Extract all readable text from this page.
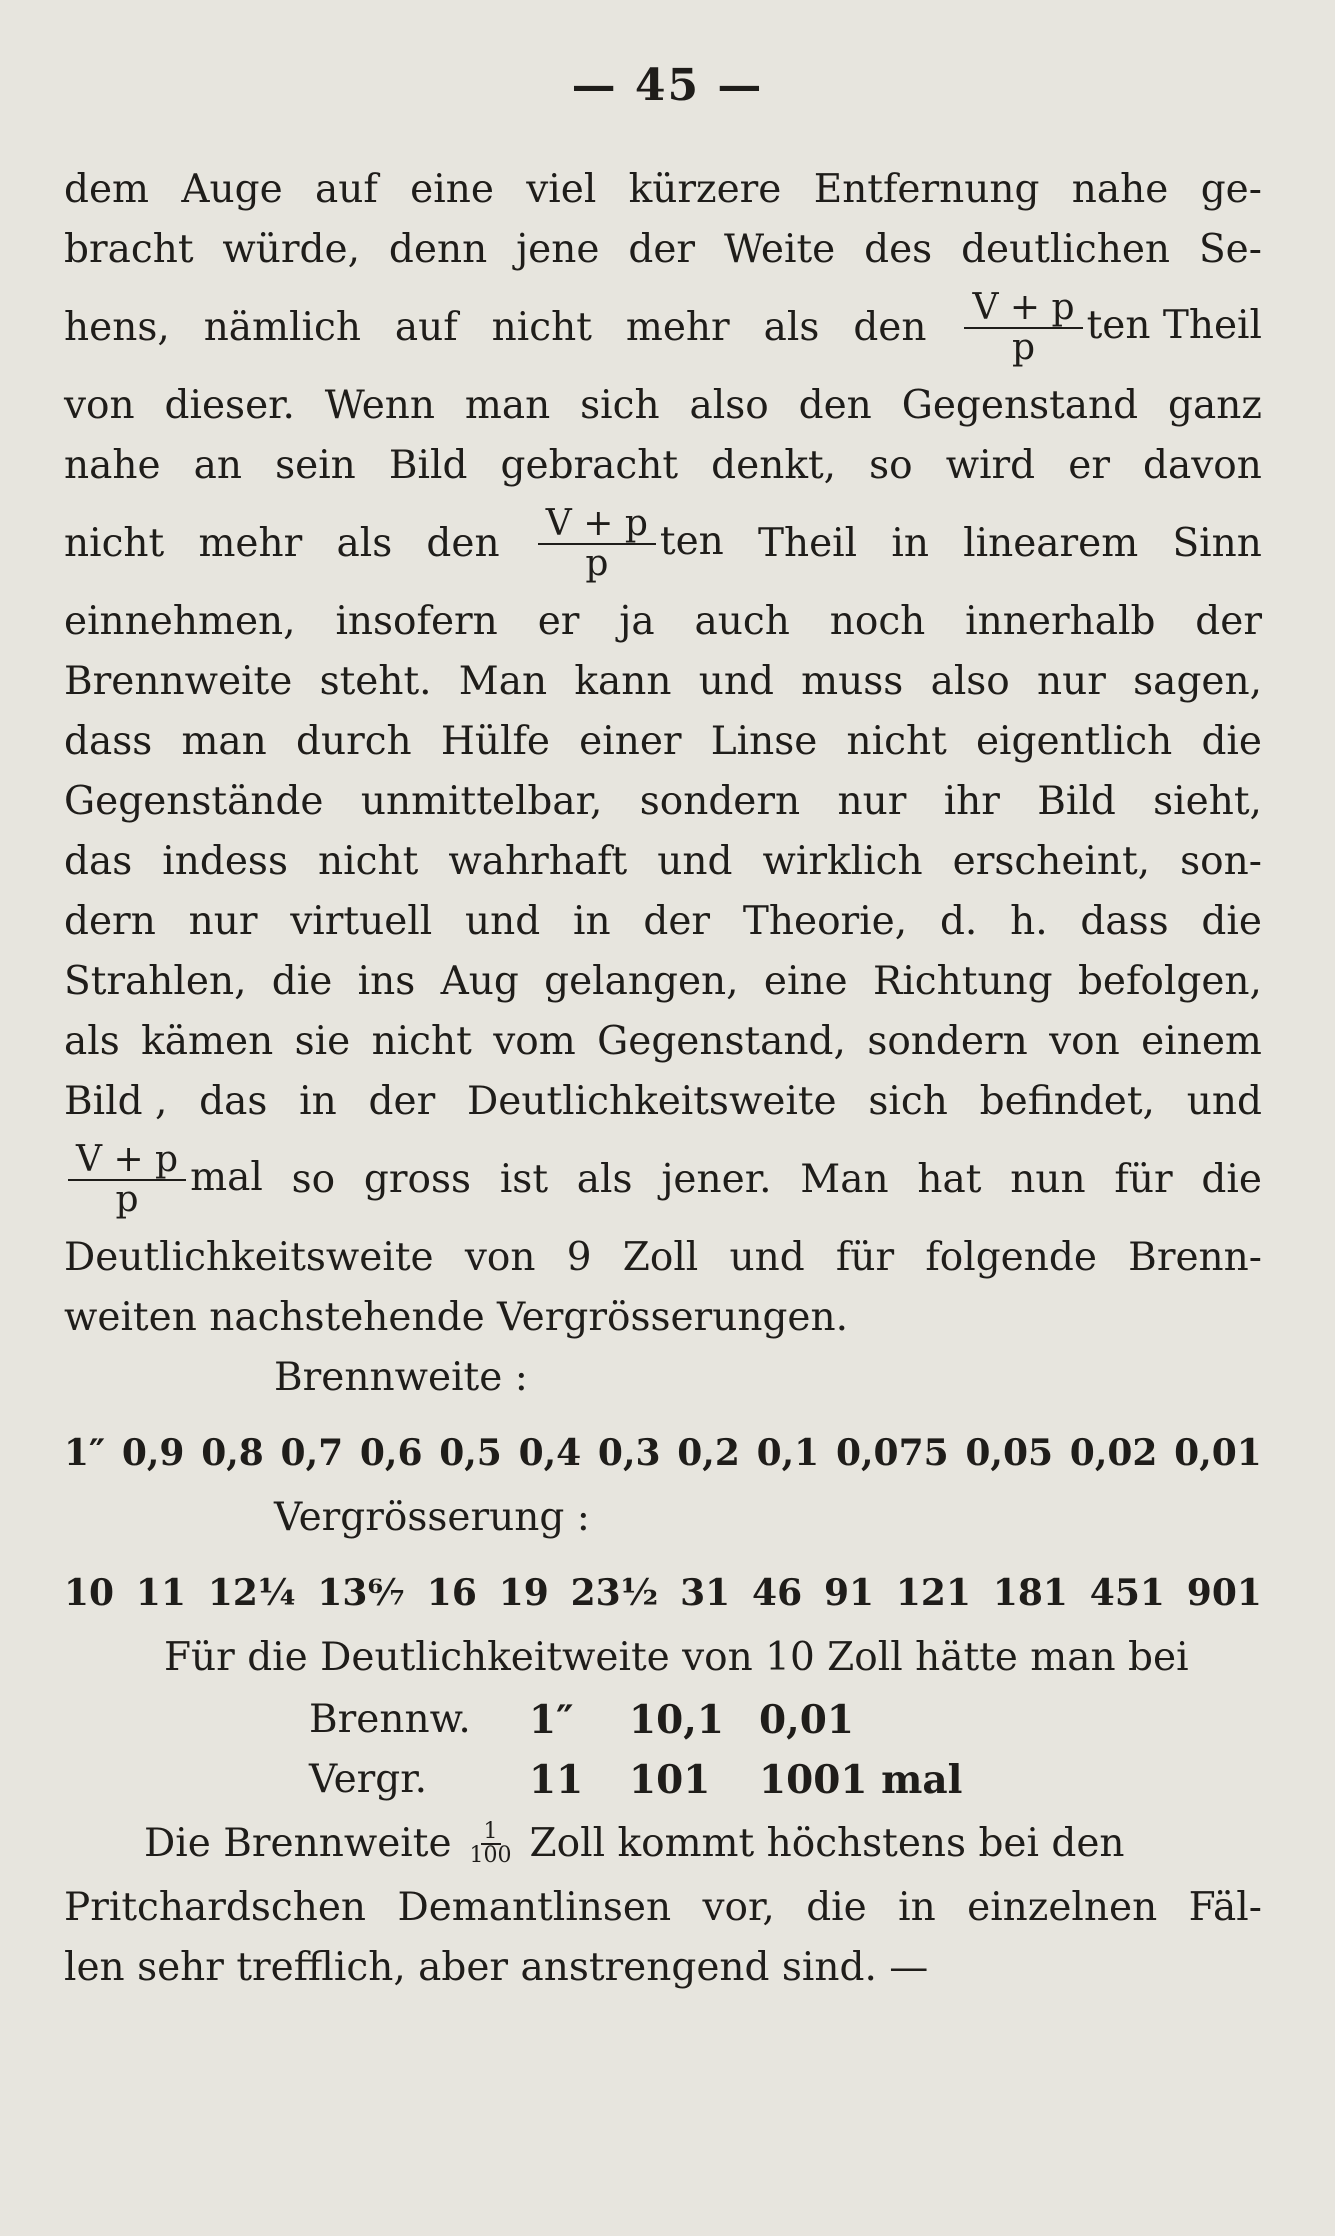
— 45 —
dem Auge auf eine viel kürzere Entfernung nahe ge-
bracht würde, denn jene der Weite des deutlichen Se-
hens, nämlich auf nicht mehr als den $\frac{V + p}{p}$ ten Theil
von dieser. Wenn man sich also den Gegenstand ganz
nahe an sein Bild gebracht denkt, so wird er davon
nicht mehr als den $\frac{V + p}{p}$ ten Theil in linearem Sinn
einnehmen, insofern er ja auch noch innerhalb der
Brennweite steht. Man kann und muss also nur sagen,
dass man durch Hülfe einer Linse nicht eigentlich die
Gegenstände unmittelbar, sondern nur ihr Bild sieht,
das indess nicht wahrhaft und wirklich erscheint, son-
dern nur virtuell und in der Theorie, d. h. dass die
Strahlen, die ins Aug gelangen, eine Richtung befolgen,
als kämen sie nicht vom Gegenstand, sondern von einem
Bild , das in der Deutlichkeitsweite sich befindet, und
$\frac{V + p}{p}$ mal so gross ist als jener. Man hat nun für die
Deutlichkeitsweite von 9 Zoll und für folgende Brenn-
weiten nachstehende Vergrösserungen.
Brennweite :
1″ 0,9 0,8 0,7 0,6 0,5 0,4 0,3 0,2 0,1 0,075 0,05 0,02 0,01
Vergrösserung :
10 11 12¼ 13⁶⁄₇ 16 19 23½ 31 46 91 121 181 451 901
Für die Deutlichkeitweite von 10 Zoll hätte man bei
Brennw.	1″	10,1 0,01
Vergr.	11	101	1001 mal
Die Brennweite $\frac{1}{100}$ Zoll kommt höchstens bei den
Pritchardschen Demantlinsen vor, die in einzelnen Fäl-
len sehr trefflich, aber anstrengend sind. —
